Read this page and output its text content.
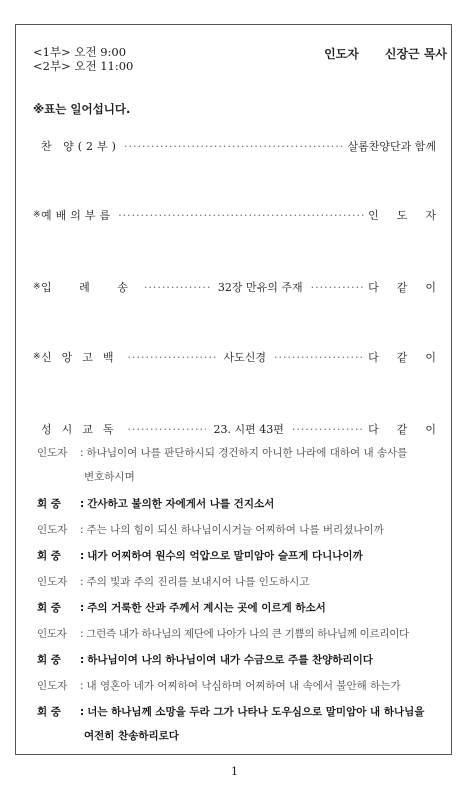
<1부> 오전 9:00
<2부> 오전 11:00
인도자 신장근 목사
※표는 일어섭니다.
찬 양(2부) ·····	살롬찬양단과 함께
※ 예배의부름 ·····	인도자
※ 입 례 송 ·····	32장 만유의 주재 ·····	다같이
※ 신앙고백 ·····	사도신경 ·····	다같이
성시교독 ·····	23. 시편 43편 ·····	다같이
인도자 : 하나님이여 나를 판단하시되 경건하지 아니한 나라에 대하여 내 송사를
변호하시며
회 중 : 간사하고 불의한 자에게서 나를 건지소서
인도자 : 주는 나의 힘이 되신 하나님이시거늘 어찌하여 나를 버리셨나이까
회 중 : 내가 어찌하여 원수의 억압으로 말미암아 슬프게 다니나이까
인도자 : 주의 빛과 주의 진리를 보내시어 나를 인도하시고
회 중 : 주의 거룩한 산과 주께서 계시는 곳에 이르게 하소서
인도자 : 그런즉 내가 하나님의 제단에 나아가 나의 큰 기쁨의 하나님께 이르리이다
회 중 : 하나님이여 나의 하나님이여 내가 수금으로 주를 찬양하리이다
인도자 : 내 영혼아 네가 어찌하여 낙심하며 어찌하여 내 속에서 불안해 하는가
회 중 : 너는 하나님께 소망을 두라 그가 나타나 도우심으로 말미암아 내 하나님을
여전히 찬송하리로다
1
